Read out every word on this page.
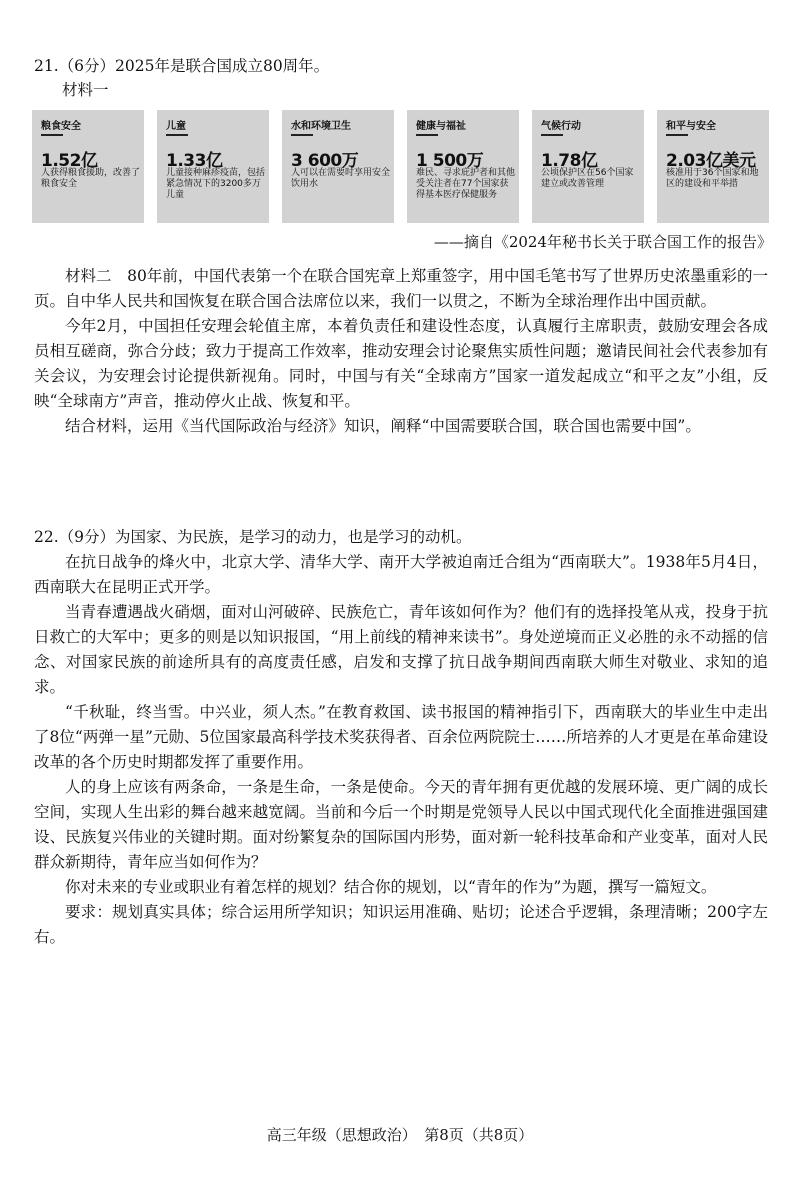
21.（6分）2025年是联合国成立80周年。
材料一
粮食安全
1.52亿
人获得粮食援助，改善了粮食安全
儿童
1.33亿
儿童接种麻疹疫苗，包括紧急情况下的3200多万儿童
水和环境卫生
3 600万
人可以在需要时享用安全饮用水
健康与福祉
1 500万
难民、寻求庇护者和其他受关注者在77个国家获得基本医疗保健服务
气候行动
1.78亿
公顷保护区在56个国家建立或改善管理
和平与安全
2.03亿美元
核准用于36个国家和地区的建设和平举措
——摘自《2024年秘书长关于联合国工作的报告》

材料二　80年前，中国代表第一个在联合国宪章上郑重签字，用中国毛笔书写了世界历史浓墨重彩的一页。自中华人民共和国恢复在联合国合法席位以来，我们一以贯之，不断为全球治理作出中国贡献。

今年2月，中国担任安理会轮值主席，本着负责任和建设性态度，认真履行主席职责，鼓励安理会各成员相互磋商，弥合分歧；致力于提高工作效率，推动安理会讨论聚焦实质性问题；邀请民间社会代表参加有关会议，为安理会讨论提供新视角。同时，中国与有关“全球南方”国家一道发起成立“和平之友”小组，反映“全球南方”声音，推动停火止战、恢复和平。

结合材料，运用《当代国际政治与经济》知识，阐释“中国需要联合国，联合国也需要中国”。

22.（9分）为国家、为民族，是学习的动力，也是学习的动机。

在抗日战争的烽火中，北京大学、清华大学、南开大学被迫南迁合组为“西南联大”。1938年5月4日，西南联大在昆明正式开学。

当青春遭遇战火硝烟，面对山河破碎、民族危亡，青年该如何作为？他们有的选择投笔从戎，投身于抗日救亡的大军中；更多的则是以知识报国，“用上前线的精神来读书”。身处逆境而正义必胜的永不动摇的信念、对国家民族的前途所具有的高度责任感，启发和支撑了抗日战争期间西南联大师生对敬业、求知的追求。

“千秋耻，终当雪。中兴业，须人杰。”在教育救国、读书报国的精神指引下，西南联大的毕业生中走出了8位“两弹一星”元勋、5位国家最高科学技术奖获得者、百余位两院院士……所培养的人才更是在革命建设改革的各个历史时期都发挥了重要作用。

人的身上应该有两条命，一条是生命，一条是使命。今天的青年拥有更优越的发展环境、更广阔的成长空间，实现人生出彩的舞台越来越宽阔。当前和今后一个时期是党领导人民以中国式现代化全面推进强国建设、民族复兴伟业的关键时期。面对纷繁复杂的国际国内形势，面对新一轮科技革命和产业变革，面对人民群众新期待，青年应当如何作为？

你对未来的专业或职业有着怎样的规划？结合你的规划，以“青年的作为”为题，撰写一篇短文。

要求：规划真实具体；综合运用所学知识；知识运用准确、贴切；论述合乎逻辑，条理清晰；200字左右。

高三年级（思想政治）　第8页（共8页）
